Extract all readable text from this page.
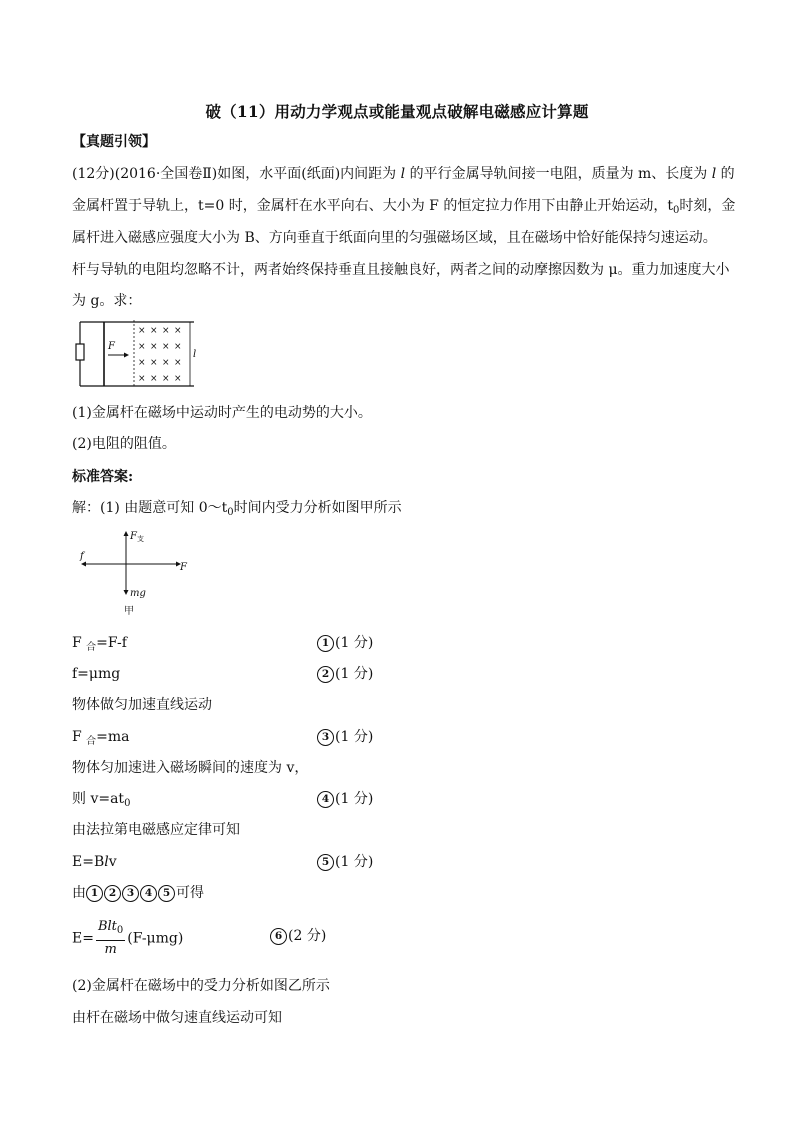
破（11）用动力学观点或能量观点破解电磁感应计算题
【真题引领】
(12分)(2016·全国卷Ⅱ)如图，水平面(纸面)内间距为 l 的平行金属导轨间接一电阻，质量为 m、长度为 l 的
金属杆置于导轨上，t=0 时，金属杆在水平向右、大小为 F 的恒定拉力作用下由静止开始运动，$t_0$时刻，金
属杆进入磁感应强度大小为 B、方向垂直于纸面向里的匀强磁场区域，且在磁场中恰好能保持匀速运动。
杆与导轨的电阻均忽略不计，两者始终保持垂直且接触良好，两者之间的动摩擦因数为 μ。重力加速度大小
为 g。求：
F
l
× × × ×
× × × ×
× × × ×
× × × ×
(1)金属杆在磁场中运动时产生的电动势的大小。
(2)电阻的阻值。
标准答案:
解：(1) 由题意可知 $0\sim t_0$时间内受力分析如图甲所示
$F_支$
f
F
mg
甲
F $_合$=F-f	1 (1 分)
f=μmg	2 (1 分)
物体做匀加速直线运动
F $_合$=ma	3 (1 分)
物体匀加速进入磁场瞬间的速度为 v，
则 $v=at_0$	4 (1 分)
由法拉第电磁感应定律可知
E=Blv	5 (1 分)
由 1 2 3 4 5 可得
$E= \frac{Blt_0}{m} (F-\mu mg)$	6 (2 分)
(2)金属杆在磁场中的受力分析如图乙所示
由杆在磁场中做匀速直线运动可知
